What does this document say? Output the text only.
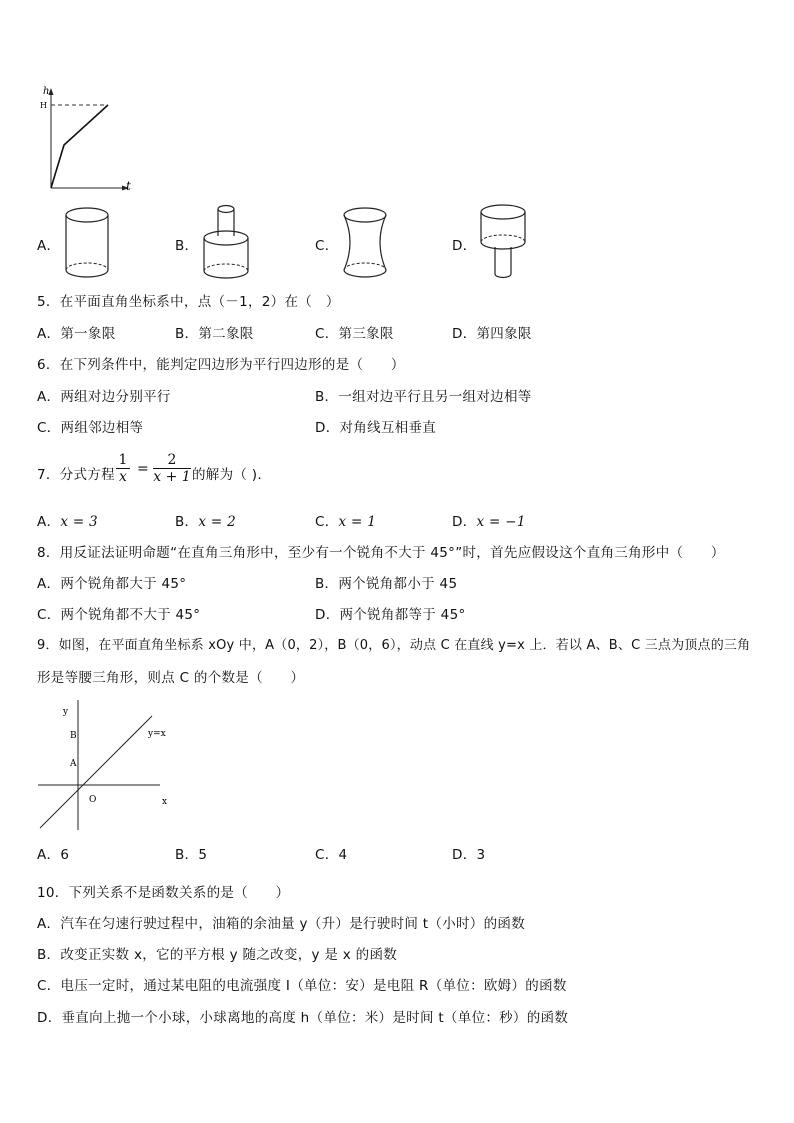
h
H
t
A．	B．	C．	D．
5．在平面直角坐标系中，点（－1，2）在（　）
A．第一象限	B．第二象限	C．第三象限	D．第四象限
6．在下列条件中，能判定四边形为平行四边形的是（　　）
A．两组对边分别平行	B．一组对边平行且另一组对边相等
C．两组邻边相等	D．对角线互相垂直
7．分式方程
1
x =
2
x + 1 的解为（ ).
A．x = 3	B．x = 2	C．x = 1	D．x = −1
8．用反证法证明命题“在直角三角形中，至少有一个锐角不大于 45°”时，首先应假设这个直角三角形中（　　）
A．两个锐角都大于 45°	B．两个锐角都小于 45
C．两个锐角都不大于 45°	D．两个锐角都等于 45°
9．如图，在平面直角坐标系 xOy 中，A（0，2），B（0，6），动点 C 在直线 y=x 上．若以 A、B、C 三点为顶点的三角
形是等腰三角形，则点 C 的个数是（　　）
y
x
O
A
B	y=x
A．6	B．5	C．4	D．3
10．下列关系不是函数关系的是（　　）
A．汽车在匀速行驶过程中，油箱的余油量 y（升）是行驶时间 t（小时）的函数
B．改变正实数 x，它的平方根 y 随之改变，y 是 x 的函数
C．电压一定时，通过某电阻的电流强度 I（单位：安）是电阻 R（单位：欧姆）的函数
D．垂直向上抛一个小球，小球离地的高度 h（单位：米）是时间 t（单位：秒）的函数
